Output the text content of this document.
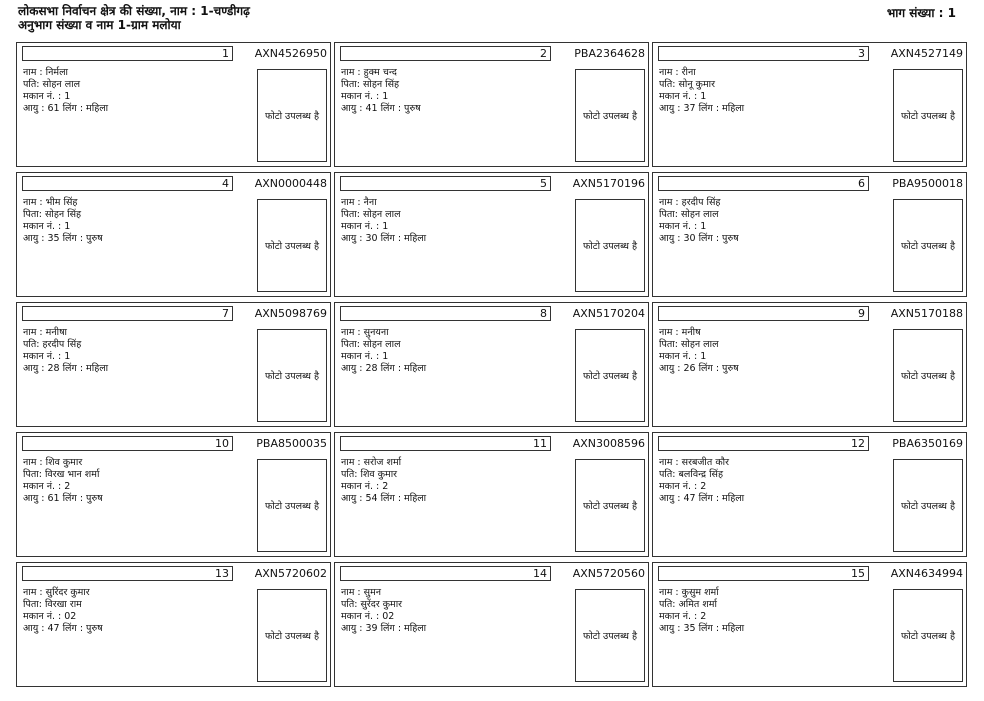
लोकसभा निर्वाचन क्षेत्र की संख्या, नाम : 1-चण्डीगढ़
अनुभाग संख्या व नाम 1-ग्राम मलोया
भाग संख्या : 1
1	AXN4526950
नाम : निर्मला
पति: सोहन लाल
मकान नं. : 1
आयु : 61 लिंग : महिला
फोटो उपलब्ध है
2	PBA2364628
नाम : हुक्म चन्द
पिता: सोहन सिंह
मकान नं. : 1
आयु : 41 लिंग : पुरुष
फोटो उपलब्ध है
3	AXN4527149
नाम : रीना
पति: सोनू कुमार
मकान नं. : 1
आयु : 37 लिंग : महिला
फोटो उपलब्ध है
4	AXN0000448
नाम : भीम सिंह
पिता: सोहन सिंह
मकान नं. : 1
आयु : 35 लिंग : पुरुष
फोटो उपलब्ध है
5	AXN5170196
नाम : नैना
पिता: सोहन लाल
मकान नं. : 1
आयु : 30 लिंग : महिला
फोटो उपलब्ध है
6	PBA9500018
नाम : हरदीप सिंह
पिता: सोहन लाल
मकान नं. : 1
आयु : 30 लिंग : पुरुष
फोटो उपलब्ध है
7	AXN5098769
नाम : मनीषा
पति: हरदीप सिंह
मकान नं. : 1
आयु : 28 लिंग : महिला
फोटो उपलब्ध है
8	AXN5170204
नाम : सुनयना
पिता: सोहन लाल
मकान नं. : 1
आयु : 28 लिंग : महिला
फोटो उपलब्ध है
9	AXN5170188
नाम : मनीष
पिता: सोहन लाल
मकान नं. : 1
आयु : 26 लिंग : पुरुष
फोटो उपलब्ध है
10	PBA8500035
नाम : शिव कुमार
पिता: विरख भान शर्मा
मकान नं. : 2
आयु : 61 लिंग : पुरुष
फोटो उपलब्ध है
11	AXN3008596
नाम : सरोज शर्मा
पति: शिव कुमार
मकान नं. : 2
आयु : 54 लिंग : महिला
फोटो उपलब्ध है
12	PBA6350169
नाम : सरबजीत कौर
पति: बलविन्द्र सिंह
मकान नं. : 2
आयु : 47 लिंग : महिला
फोटो उपलब्ध है
13	AXN5720602
नाम : सुरिंदर कुमार
पिता: विरखा राम
मकान नं. : 02
आयु : 47 लिंग : पुरुष
फोटो उपलब्ध है
14	AXN5720560
नाम : सुमन
पति: सुरेंदर कुमार
मकान नं. : 02
आयु : 39 लिंग : महिला
फोटो उपलब्ध है
15	AXN4634994
नाम : कुसुम शर्मा
पति: अमित शर्मा
मकान नं. : 2
आयु : 35 लिंग : महिला
फोटो उपलब्ध है
